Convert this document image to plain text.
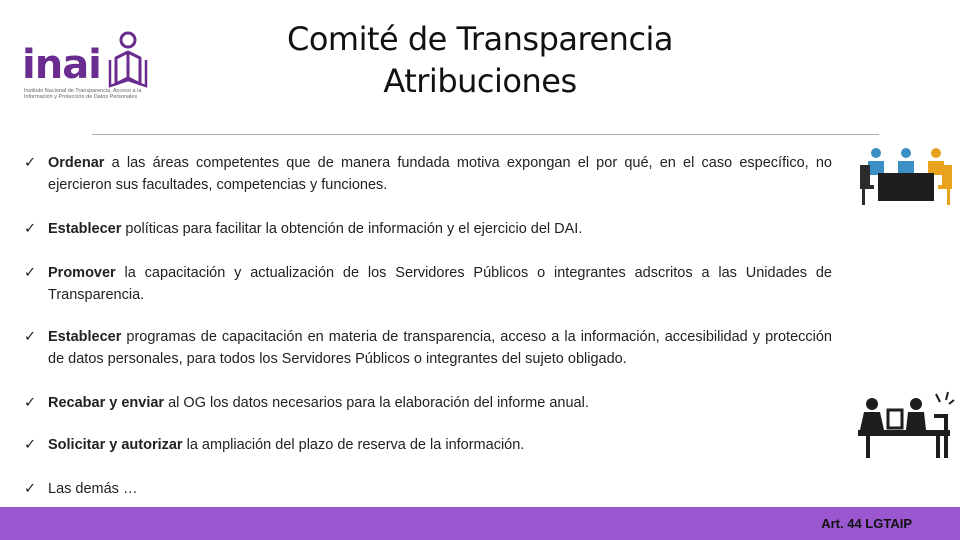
inai
Instituto Nacional de Transparencia, Acceso a la Información y Protección de Datos Personales
Comité de Transparencia
Atribuciones
✓ Ordenar a las áreas competentes que de manera fundada motiva expongan el por qué, en el caso específico, no ejercieron sus facultades, competencias y funciones.
✓ Establecer políticas para facilitar la obtención de información y el ejercicio del DAI.
✓ Promover la capacitación y actualización de los Servidores Públicos o integrantes adscritos a las Unidades de Transparencia.
✓ Establecer programas de capacitación en materia de transparencia, acceso a la información, accesibilidad y protección de datos personales, para todos los Servidores Públicos o integrantes del sujeto obligado.
✓ Recabar y enviar al OG los datos necesarios para la elaboración del informe anual.
✓ Solicitar y autorizar la ampliación del plazo de reserva de la información.
✓ Las demás …
Art. 44 LGTAIP
